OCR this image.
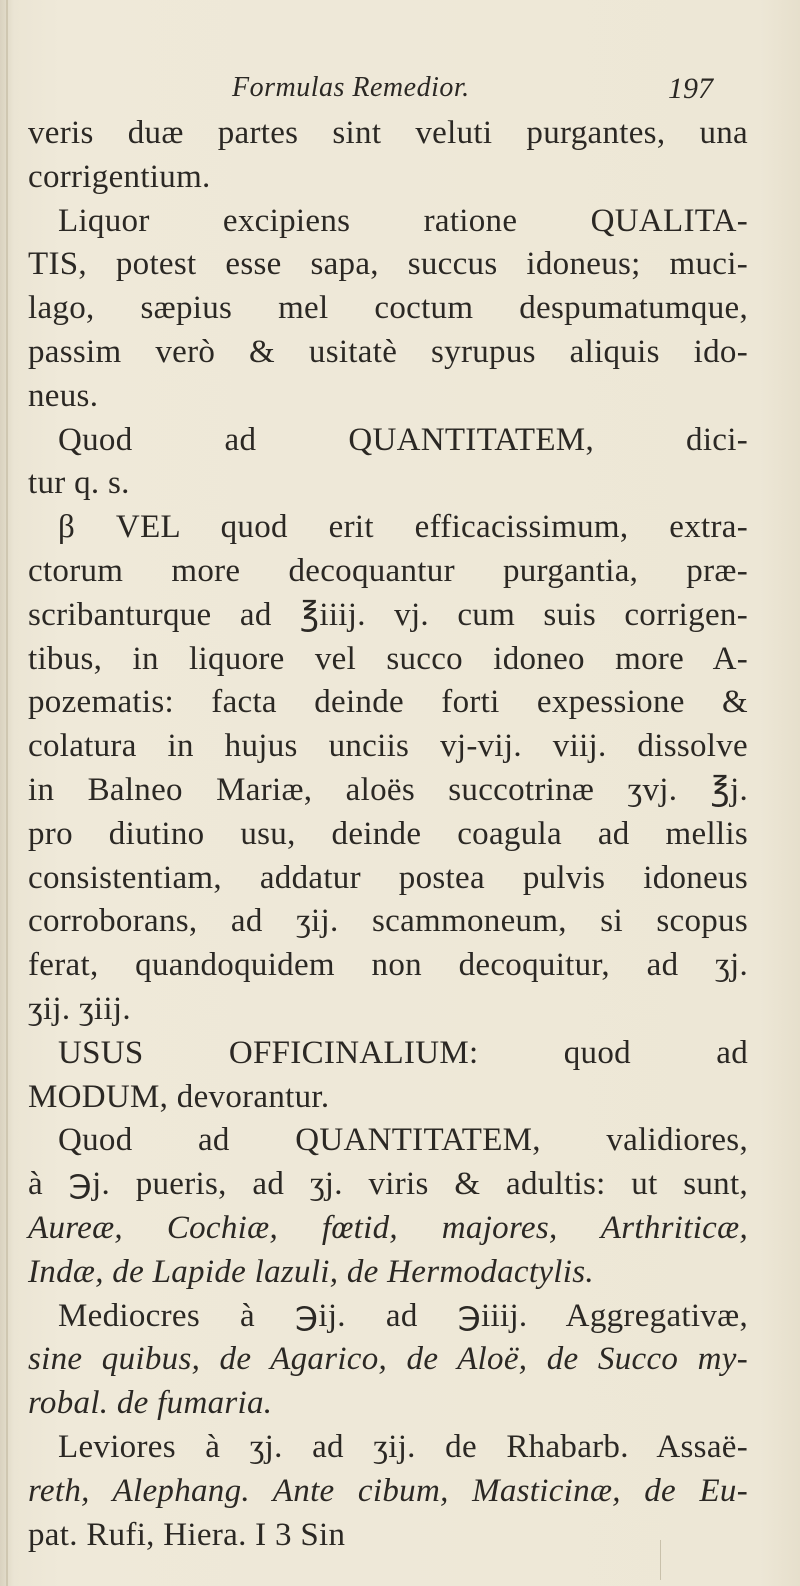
Formulas Remedior.	197
veris duæ partes sint veluti purgantes, una
corrigentium.
Liquor excipiens ratione QUALITA-
TIS, potest esse sapa, succus idoneus; muci-
lago, sæpius mel coctum despumatumque,
passim verò & usitatè syrupus aliquis ido-
neus.
Quod ad QUANTITATEM, dici-
tur q. s.
β VEL quod erit efficacissimum, extra-
ctorum more decoquantur purgantia, præ-
scribanturque ad ℥iiij. vj. cum suis corrigen-
tibus, in liquore vel succo idoneo more A-
pozematis: facta deinde forti expessione &
colatura in hujus unciis vj-vij. viij. dissolve
in Balneo Mariæ, aloës succotrinæ ʒvj. ℥j.
pro diutino usu, deinde coagula ad mellis
consistentiam, addatur postea pulvis idoneus
corroborans, ad ʒij. scammoneum, si scopus
ferat, quandoquidem non decoquitur, ad ʒj.
ʒij. ʒiij.
USUS OFFICINALIUM: quod ad
MODUM, devorantur.
Quod ad QUANTITATEM, validiores,
à ℈j. pueris, ad ʒj. viris & adultis: ut sunt,
Aureæ, Cochiæ, fœtid, majores, Arthriticæ,
Indæ, de Lapide lazuli, de Hermodactylis.
Mediocres à ℈ij. ad ℈iiij. Aggregativæ,
sine quibus, de Agarico, de Aloë, de Succo my-
robal. de fumaria.
Leviores à ʒj. ad ʒij. de Rhabarb. Assaë-
reth, Alephang. Ante cibum, Masticinæ, de Eu-
pat. Rufi, Hiera. I 3 Sin
